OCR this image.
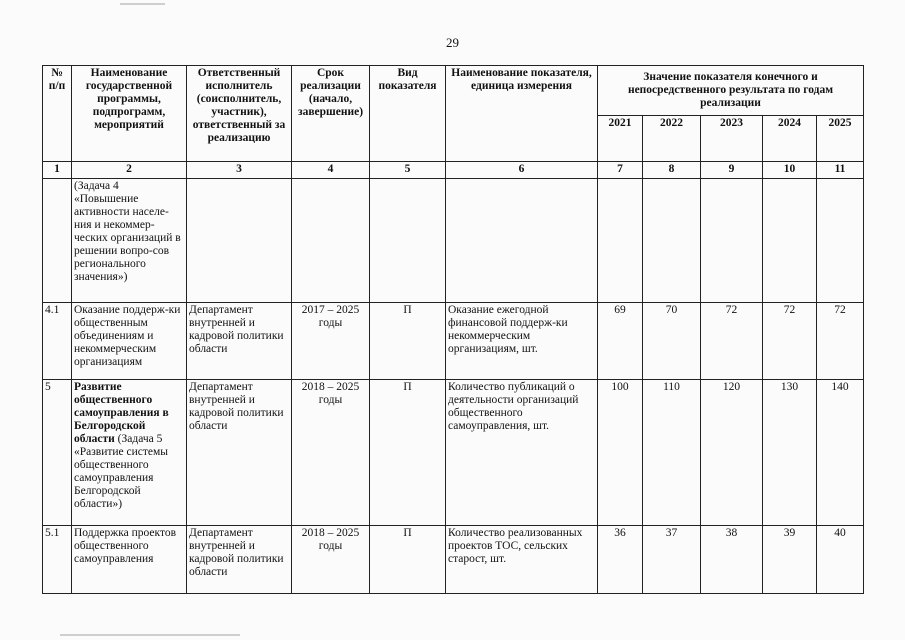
29
№ п/п	Наименование государственной программы, подпрограмм, мероприятий	Ответственный исполнитель (соисполнитель, участник), ответственный за реализацию	Срок реализации (начало, завершение)	Вид показателя	Наименование показателя, единица измерения	Значение показателя конечного и непосредственного результата по годам реализации				
						2021	2022	2023	2024	2025
1	2	3	4	5	6	7	8	9	10	11
	(Задача 4 «Повышение активности населе-ния и некоммер-ческих организаций в решении вопро-сов регионального значения»)									
4.1	Оказание поддерж-ки общественным объединениям и некоммерческим организациям	Департамент внутренней и кадровой политики области	2017 – 2025 годы	П	Оказание ежегодной финансовой поддерж-ки некоммерческим организациям, шт.	69	70	72	72	72
5	Развитие общественного самоуправления в Белгородской области (Задача 5 «Развитие системы общественного самоуправления Белгородской области»)	Департамент внутренней и кадровой политики области	2018 – 2025 годы	П	Количество публикаций о деятельности организаций общественного самоуправления, шт.	100	110	120	130	140
5.1	Поддержка проектов общественного самоуправления	Департамент внутренней и кадровой политики области	2018 – 2025 годы	П	Количество реализованных проектов ТОС, сельских старост, шт.	36	37	38	39	40
